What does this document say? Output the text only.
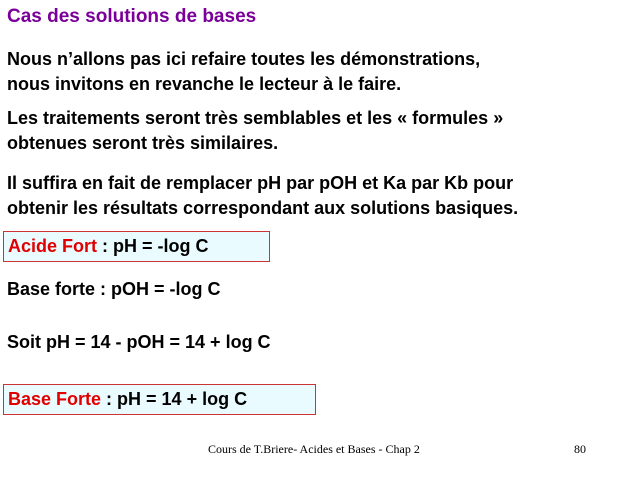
Cas des solutions de bases
Nous n’allons pas ici refaire toutes les démonstrations,
nous invitons en revanche le lecteur à le faire.
Les traitements seront très semblables et les « formules »
obtenues seront très similaires.
Il suffira en fait de remplacer pH par pOH et Ka par Kb pour
obtenir les résultats correspondant aux solutions basiques.
Acide Fort : pH = -log C
Base forte : pOH = -log C
Soit pH = 14 - pOH = 14 + log C
Base Forte : pH = 14 + log C
Cours de T.Briere- Acides et Bases - Chap 2	80
